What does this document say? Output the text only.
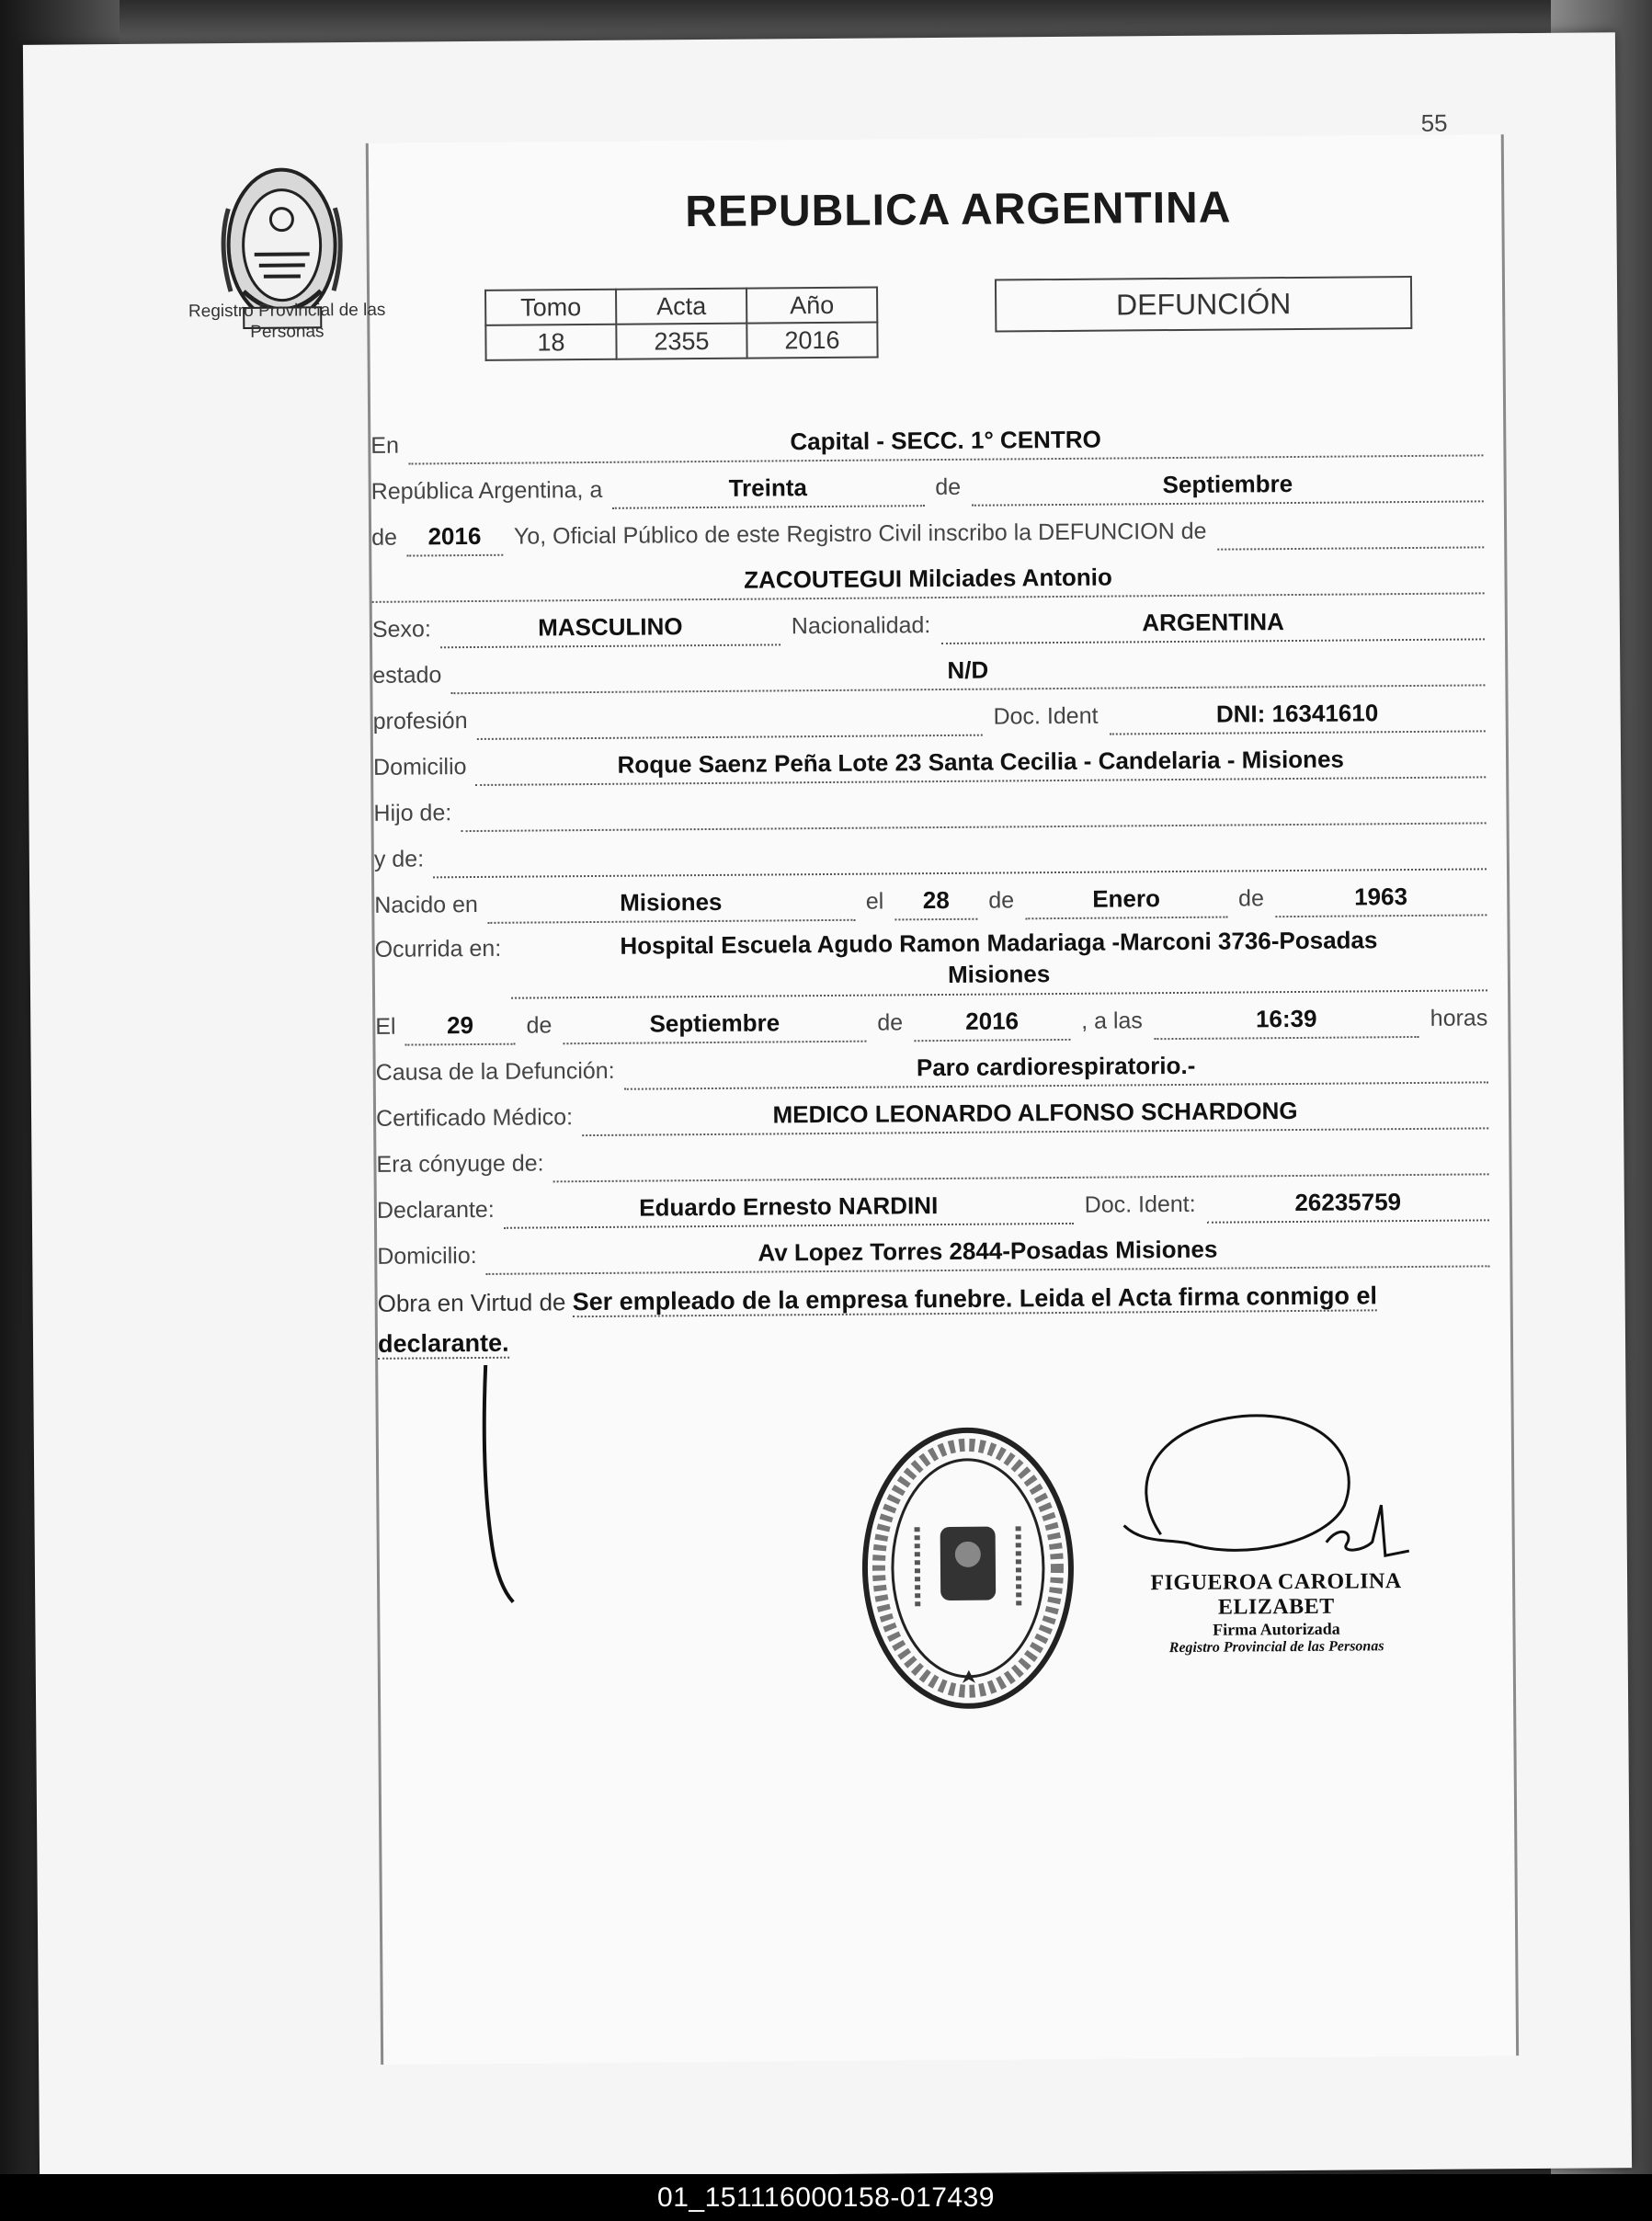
55
Registro Provincial de las Personas
REPUBLICA ARGENTINA
Tomo	Acta	Año
18	2355	2016
DEFUNCIÓN
En	Capital - SECC. 1° CENTRO
República Argentina, a	Treinta	de	Septiembre
de	2016	Yo, Oficial Público de este Registro Civil inscribo la DEFUNCION de
ZACOUTEGUI Milciades Antonio
Sexo:	MASCULINO	Nacionalidad:	ARGENTINA
estado	N/D
profesión	Doc. Ident	DNI: 16341610
Domicilio	Roque Saenz Peña Lote 23 Santa Cecilia - Candelaria - Misiones
Hijo de:
y de:
Nacido en	Misiones	el	28	de	Enero	de	1963
Ocurrida en:	Hospital Escuela Agudo Ramon Madariaga -Marconi 3736-Posadas
Misiones
El	29	de	Septiembre	de	2016	, a las	16:39	horas
Causa de la Defunción:	Paro cardiorespiratorio.-
Certificado Médico:	MEDICO LEONARDO ALFONSO SCHARDONG
Era cónyuge de:
Declarante:	Eduardo Ernesto NARDINI	Doc. Ident:	26235759
Domicilio:	Av Lopez Torres 2844-Posadas Misiones
Obra en Virtud de Ser empleado de la empresa funebre. Leida el Acta firma conmigo el declarante.
FIGUEROA CAROLINA ELIZABET
Firma Autorizada
Registro Provincial de las Personas
01_151116000158-017439
